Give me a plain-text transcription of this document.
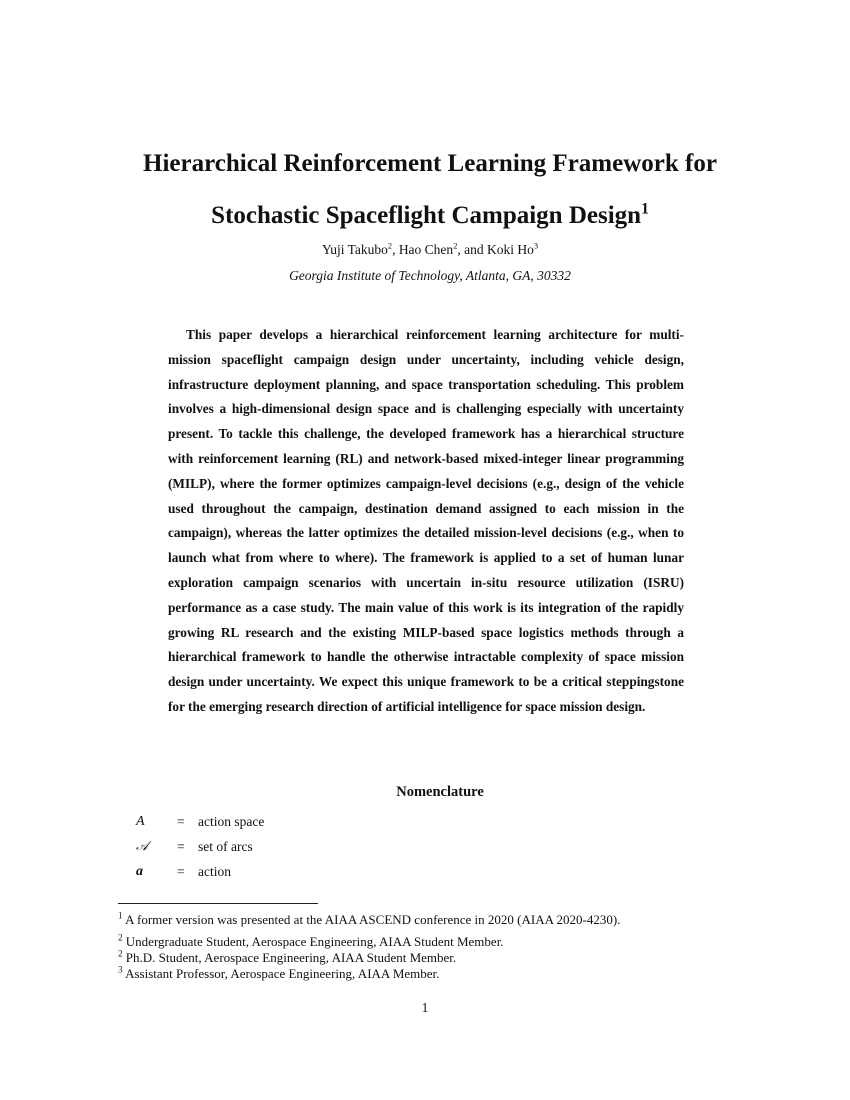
Hierarchical Reinforcement Learning Framework for
Stochastic Spaceflight Campaign Design$^1$
Yuji Takubo$^2$, Hao Chen$^2$, and Koki Ho$^3$
Georgia Institute of Technology, Atlanta, GA, 30332

This paper develops a hierarchical reinforcement learning architecture for multi-mission spaceflight campaign design under uncertainty, including vehicle design, infrastructure deployment planning, and space transportation scheduling. This problem involves a high-dimensional design space and is challenging especially with uncertainty present. To tackle this challenge, the developed framework has a hierarchical structure with reinforcement learning (RL) and network-based mixed-integer linear programming (MILP), where the former optimizes campaign-level decisions (e.g., design of the vehicle used throughout the campaign, destination demand assigned to each mission in the campaign), whereas the latter optimizes the detailed mission-level decisions (e.g., when to launch what from where to where). The framework is applied to a set of human lunar exploration campaign scenarios with uncertain in-situ resource utilization (ISRU) performance as a case study. The main value of this work is its integration of the rapidly growing RL research and the existing MILP-based space logistics methods through a hierarchical framework to handle the otherwise intractable complexity of space mission design under uncertainty. We expect this unique framework to be a critical steppingstone for the emerging research direction of artificial intelligence for space mission design.

Nomenclature
A	= action space
𝒜	= set of arcs
a	= action
$^1$ A former version was presented at the AIAA ASCEND conference in 2020 (AIAA 2020-4230).
$^2$ Undergraduate Student, Aerospace Engineering, AIAA Student Member.
$^2$ Ph.D. Student, Aerospace Engineering, AIAA Student Member.
$^3$ Assistant Professor, Aerospace Engineering, AIAA Member.
1
